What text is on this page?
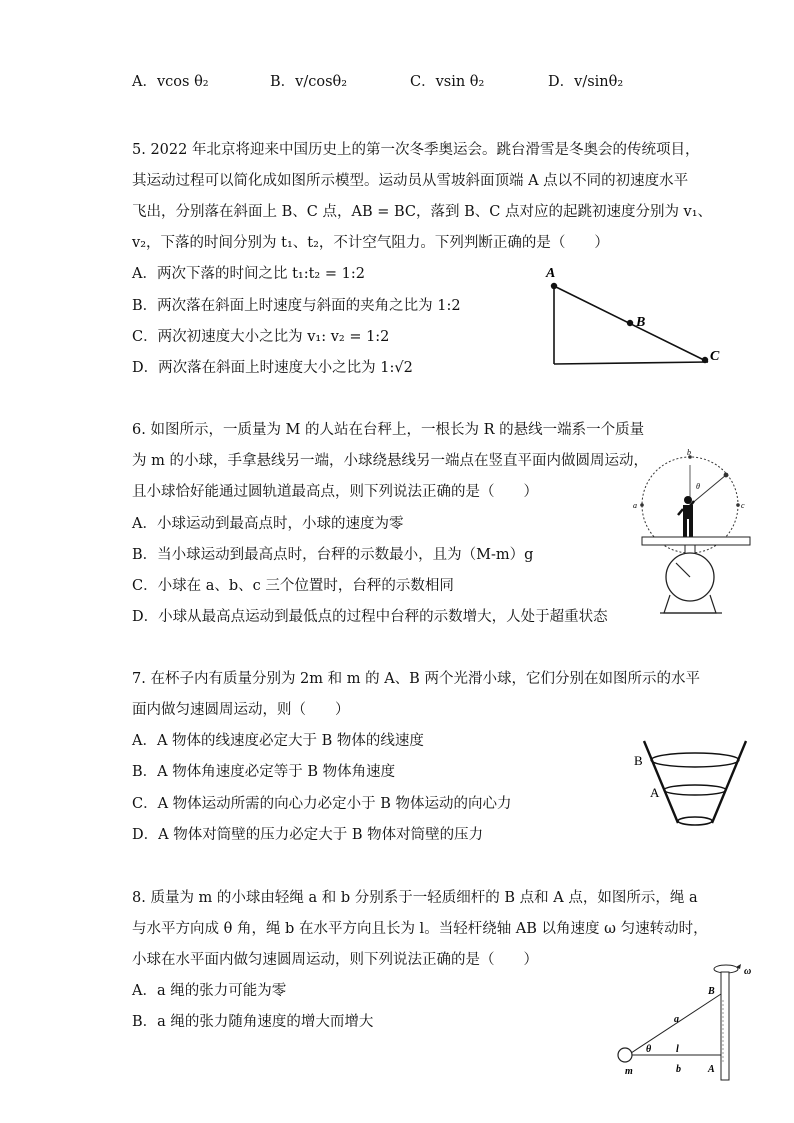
A．vcos θ₂	B．v/cosθ₂	C．vsin θ₂	D．v/sinθ₂
5. 2022 年北京将迎来中国历史上的第一次冬季奥运会。跳台滑雪是冬奥会的传统项目，
其运动过程可以简化成如图所示模型。运动员从雪坡斜面顶端 A 点以不同的初速度水平
飞出，分别落在斜面上 B、C 点，AB = BC，落到 B、C 点对应的起跳初速度分别为 v₁、
v₂，下落的时间分别为 t₁、t₂，不计空气阻力。下列判断正确的是（　　）
A．两次下落的时间之比 t₁:t₂ = 1:2
B．两次落在斜面上时速度与斜面的夹角之比为 1:2
C．两次初速度大小之比为 v₁: v₂ = 1:2
D．两次落在斜面上时速度大小之比为 1:√2
A
B
C
6. 如图所示，一质量为 M 的人站在台秤上，一根长为 R 的悬线一端系一个质量
为 m 的小球，手拿悬线另一端，小球绕悬线另一端点在竖直平面内做圆周运动，
且小球恰好能通过圆轨道最高点，则下列说法正确的是（　　）
A．小球运动到最高点时，小球的速度为零
B．当小球运动到最高点时，台秤的示数最小，且为（M-m）g
C．小球在 a、b、c 三个位置时，台秤的示数相同
D．小球从最高点运动到最低点的过程中台秤的示数增大，人处于超重状态
b
a	c
θ
7. 在杯子内有质量分别为 2m 和 m 的 A、B 两个光滑小球，它们分别在如图所示的水平
面内做匀速圆周运动，则（　　）
A．A 物体的线速度必定大于 B 物体的线速度
B．A 物体角速度必定等于 B 物体角速度
C．A 物体运动所需的向心力必定小于 B 物体运动的向心力
D．A 物体对筒壁的压力必定大于 B 物体对筒壁的压力
B
A
8. 质量为 m 的小球由轻绳 a 和 b 分别系于一轻质细杆的 B 点和 A 点，如图所示，绳 a
与水平方向成 θ 角，绳 b 在水平方向且长为 l。当轻杆绕轴 AB 以角速度 ω 匀速转动时，
小球在水平面内做匀速圆周运动，则下列说法正确的是（　　）
A．a 绳的张力可能为零
B．a 绳的张力随角速度的增大而增大
ω
B
a
θ l
m	b	A
